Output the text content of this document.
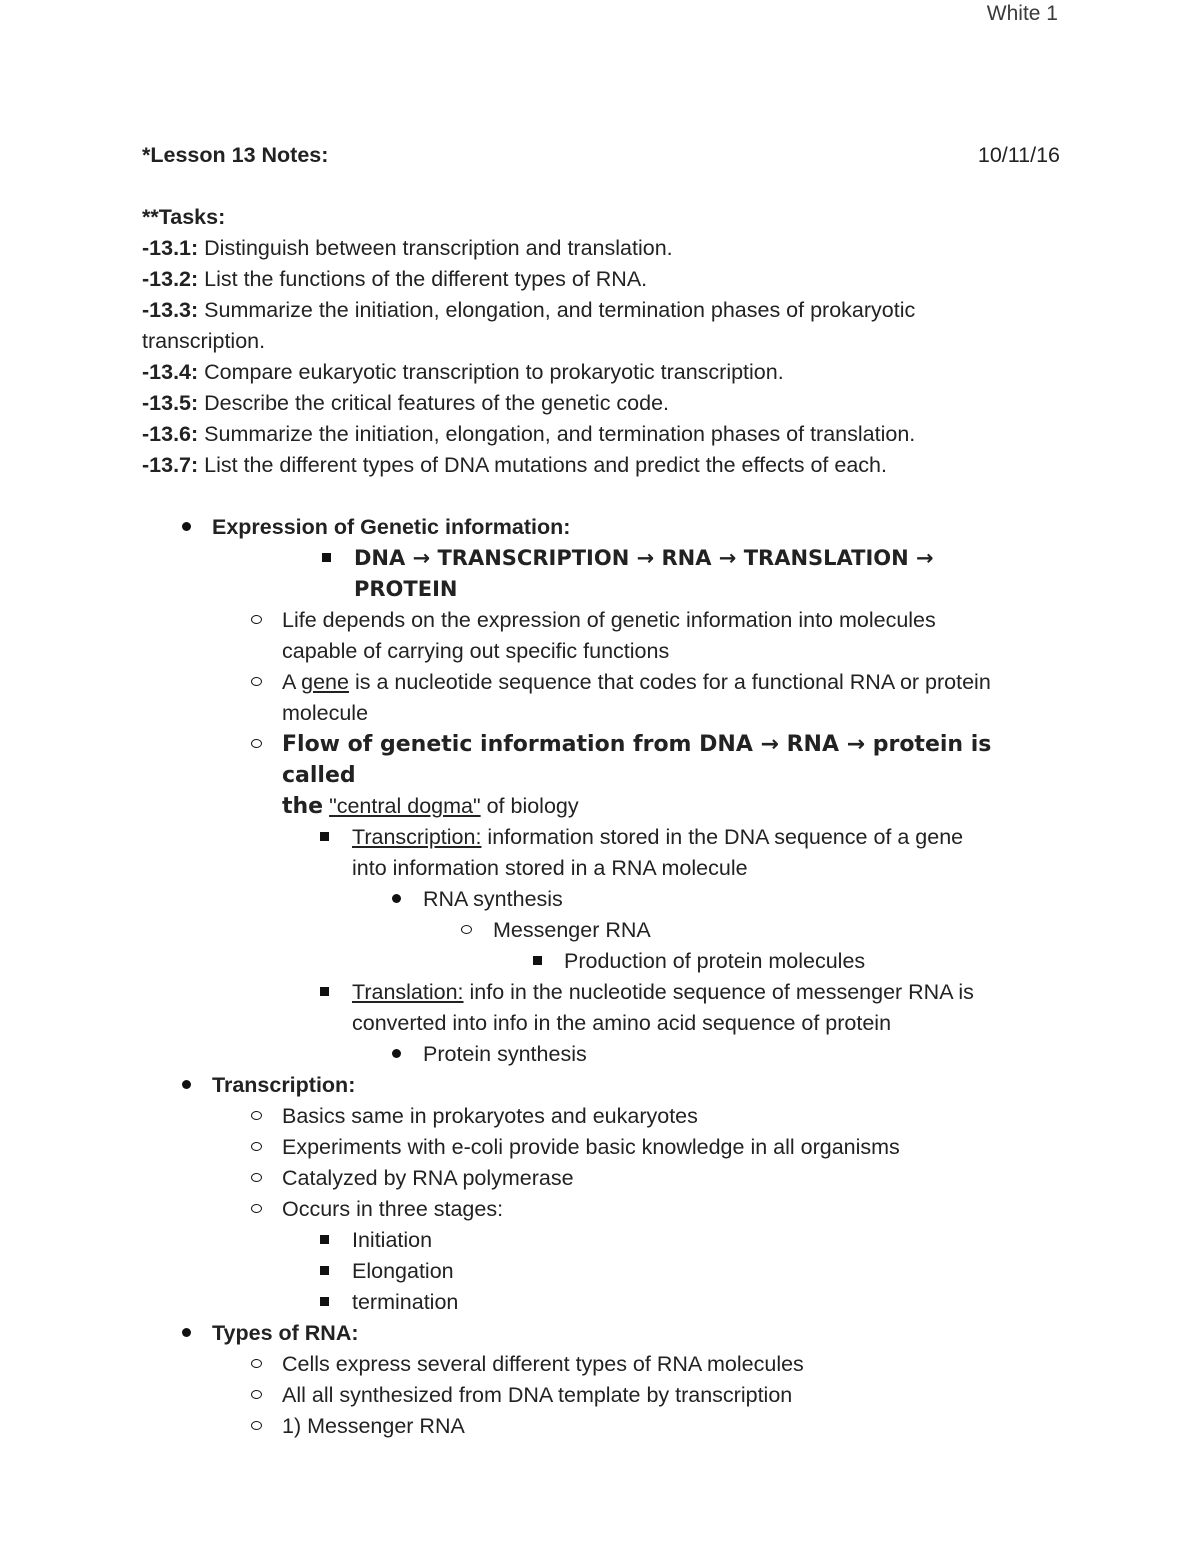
White 1
*Lesson 13 Notes:	10/11/16
**Tasks:
-13.1: Distinguish between transcription and translation.
-13.2: List the functions of the different types of RNA.
-13.3: Summarize the initiation, elongation, and termination phases of prokaryotic
transcription.
-13.4: Compare eukaryotic transcription to prokaryotic transcription.
-13.5: Describe the critical features of the genetic code.
-13.6: Summarize the initiation, elongation, and termination phases of translation.
-13.7: List the different types of DNA mutations and predict the effects of each.
Expression of Genetic information:
DNA → TRANSCRIPTION → RNA → TRANSLATION →
PROTEIN
Life depends on the expression of genetic information into molecules
capable of carrying out specific functions
A gene is a nucleotide sequence that codes for a functional RNA or protein
molecule
Flow of genetic information from DNA → RNA → protein is called
the "central dogma" of biology
Transcription: information stored in the DNA sequence of a gene
into information stored in a RNA molecule
RNA synthesis
Messenger RNA
Production of protein molecules
Translation: info in the nucleotide sequence of messenger RNA is
converted into info in the amino acid sequence of protein
Protein synthesis
Transcription:
Basics same in prokaryotes and eukaryotes
Experiments with e-coli provide basic knowledge in all organisms
Catalyzed by RNA polymerase
Occurs in three stages:
Initiation
Elongation
termination
Types of RNA:
Cells express several different types of RNA molecules
All all synthesized from DNA template by transcription
1) Messenger RNA
